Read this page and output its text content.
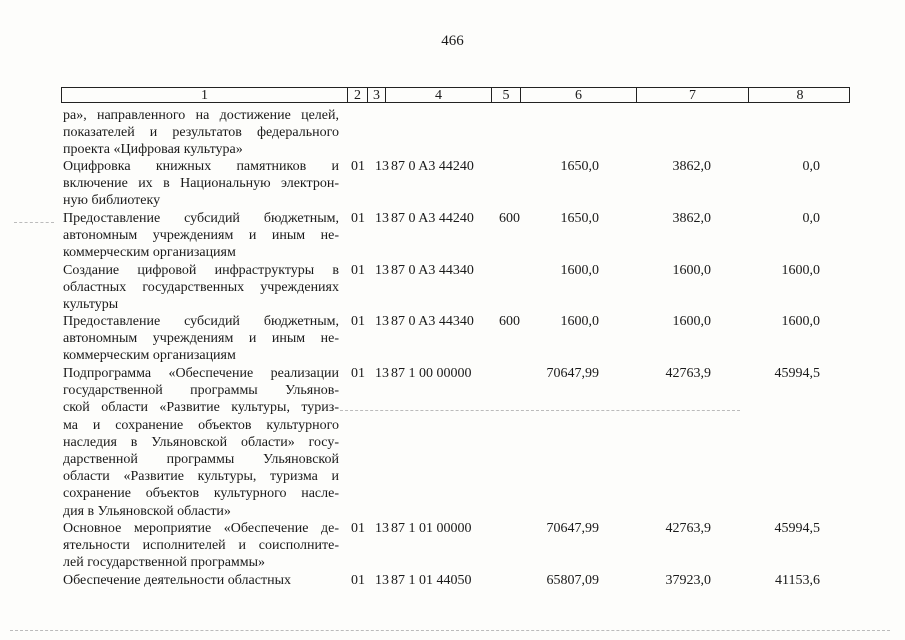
466
1	2 3	4	5	6	7	8
ра», направленного на достижение целей,
показателей и результатов федерального
проекта «Цифровая культура»
Оцифровка книжных памятников и
включение их в Национальную электрон-
ную библиотеку
01 13 87 0 A3 44240	1650,0	3862,0	0,0
Предоставление субсидий бюджетным,
автономным учреждениям и иным не-
коммерческим организациям
01 13 87 0 A3 44240 600	1650,0	3862,0	0,0
Создание цифровой инфраструктуры в
областных государственных учреждениях
культуры
01 13 87 0 A3 44340	1600,0	1600,0	1600,0
Предоставление субсидий бюджетным,
автономным учреждениям и иным не-
коммерческим организациям
01 13 87 0 A3 44340 600	1600,0	1600,0	1600,0
Подпрограмма «Обеспечение реализации
государственной программы Ульянов-
ской области «Развитие культуры, туриз-
ма и сохранение объектов культурного
наследия в Ульяновской области» госу-
дарственной программы Ульяновской
области «Развитие культуры, туризма и
сохранение объектов культурного насле-
дия в Ульяновской области»
01 13 87 1 00 00000	70647,99	42763,9	45994,5
Основное мероприятие «Обеспечение де-
ятельности исполнителей и соисполните-
лей государственной программы»
01 13 87 1 01 00000	70647,99	42763,9	45994,5
Обеспечение деятельности областных	01 13 87 1 01 44050	65807,09	37923,0	41153,6
